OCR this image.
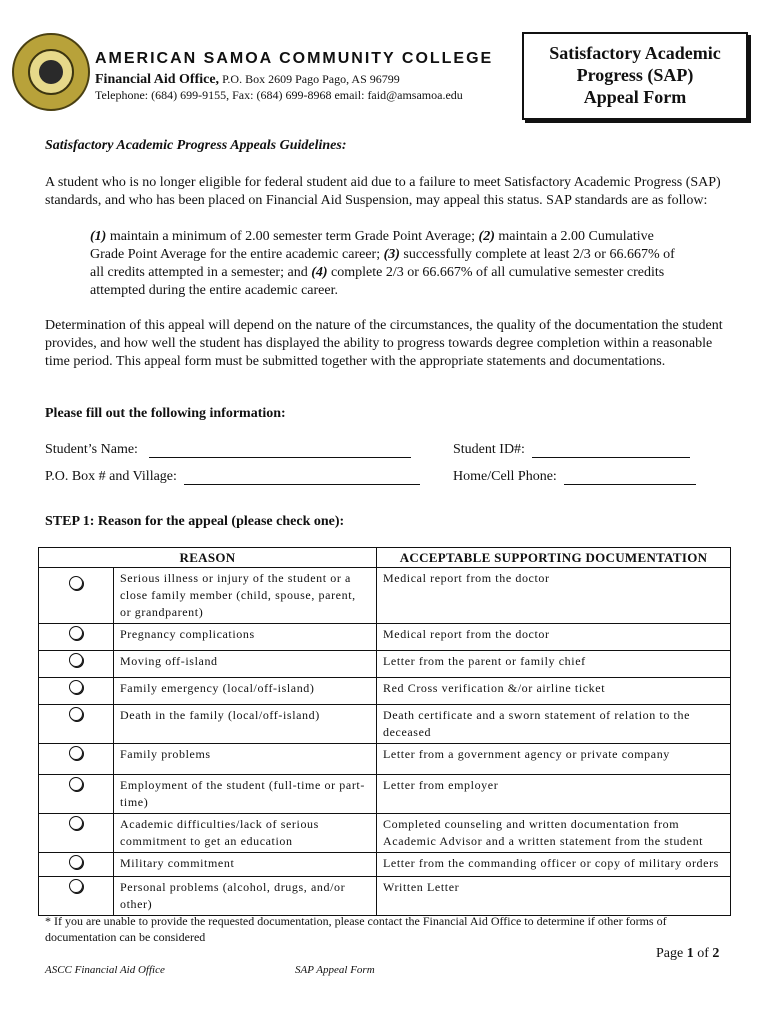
AMERICAN SAMOA COMMUNITY COLLEGE
Financial Aid Office, P.O. Box 2609 Pago Pago, AS 96799
Telephone: (684) 699-9155, Fax: (684) 699-8968 email: faid@amsamoa.edu
Satisfactory Academic
Progress (SAP)
Appeal Form
Satisfactory Academic Progress Appeals Guidelines:

A student who is no longer eligible for federal student aid due to a failure to meet Satisfactory Academic Progress (SAP) standards, and who has been placed on Financial Aid Suspension, may appeal this status. SAP standards are as follow:

(1) maintain a minimum of 2.00 semester term Grade Point Average; (2) maintain a 2.00 Cumulative Grade Point Average for the entire academic career; (3) successfully complete at least 2/3 or 66.667% of all credits attempted in a semester; and (4) complete 2/3 or 66.667% of all cumulative semester credits attempted during the entire academic career.

Determination of this appeal will depend on the nature of the circumstances, the quality of the documentation the student provides, and how well the student has displayed the ability to progress towards degree completion within a reasonable time period. This appeal form must be submitted together with the appropriate statements and documentations.

Please fill out the following information:
Student’s Name:	Student ID#:
P.O. Box # and Village:	Home/Cell Phone:
STEP 1: Reason for the appeal (please check one):
REASON		ACCEPTABLE SUPPORTING DOCUMENTATION
	Serious illness or injury of the student or a close family member (child, spouse, parent, or grandparent)	Medical report from the doctor
	Pregnancy complications	Medical report from the doctor
	Moving off-island	Letter from the parent or family chief
	Family emergency (local/off-island)	Red Cross verification &/or airline ticket
	Death in the family (local/off-island)	Death certificate and a sworn statement of relation to the deceased
	Family problems	Letter from a government agency or private company
	Employment of the student (full-time or part-time)	Letter from employer
	Academic difficulties/lack of serious commitment to get an education	Completed counseling and written documentation from Academic Advisor and a written statement from the student
	Military commitment	Letter from the commanding officer or copy of military orders
	Personal problems (alcohol, drugs, and/or other)	Written Letter
* If you are unable to provide the requested documentation, please contact the Financial Aid Office to determine if other forms of documentation can be considered
Page 1 of 2
ASCC Financial Aid Office	SAP Appeal Form
